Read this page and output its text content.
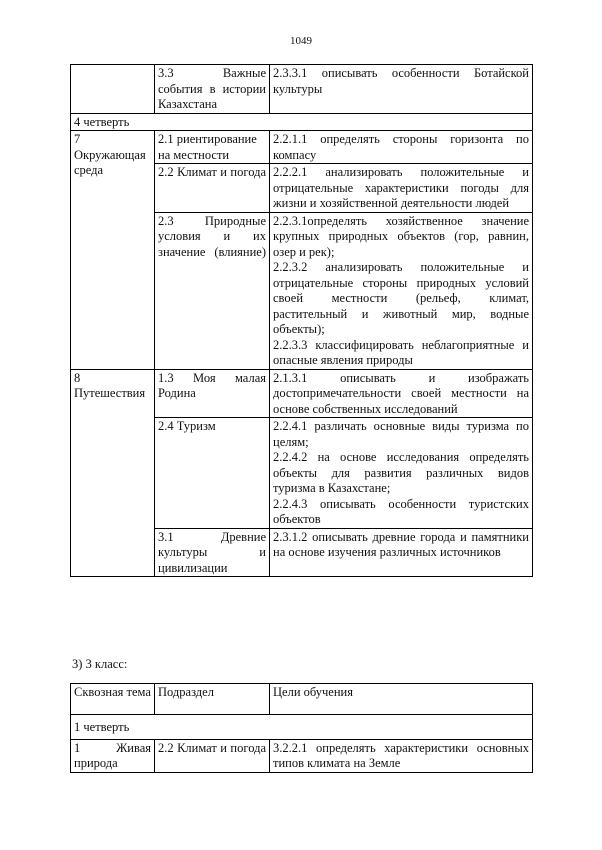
1049
	3.3 Важные события в истории Казахстана	2.3.3.1 описывать особенности Ботайской культуры

4 четверть		
7 Окружающая среда	2.1 риентирование на местности	2.2.1.1 определять стороны горизонта по компасу

	2.2 Климат и погода	2.2.2.1 анализировать положительные и отрицательные характеристики погоды для жизни и хозяйственной деятельности людей

	2.3 Природные условия и их значение (влияние)	2.2.3.1определять хозяйственное значение крупных природных объектов (гор, равнин, озер и рек);
2.2.3.2 анализировать положительные и отрицательные стороны природных условий своей местности (рельеф, климат, растительный и животный мир, водные объекты);
2.2.3.3 классифицировать неблагоприятные и опасные явления природы

8 Путешествия	1.3 Моя малая Родина	2.1.3.1 описывать и изображать достопримечательности своей местности на основе собственных исследований

	2.4 Туризм	2.2.4.1 различать основные виды туризма по целям;
2.2.4.2 на основе исследования определять объекты для развития различных видов туризма в Казахстане;
2.2.4.3 описывать особенности туристских объектов

	3.1 Древние культуры и цивилизации	2.3.1.2 описывать древние города и памятники на основе изучения различных источников
3) 3 класс:
Сквозная тема	Подраздел	Цели обучения
1 четверть		
1 Живая природа	2.2 Климат и погода	3.2.2.1 определять характеристики основных типов климата на Земле
